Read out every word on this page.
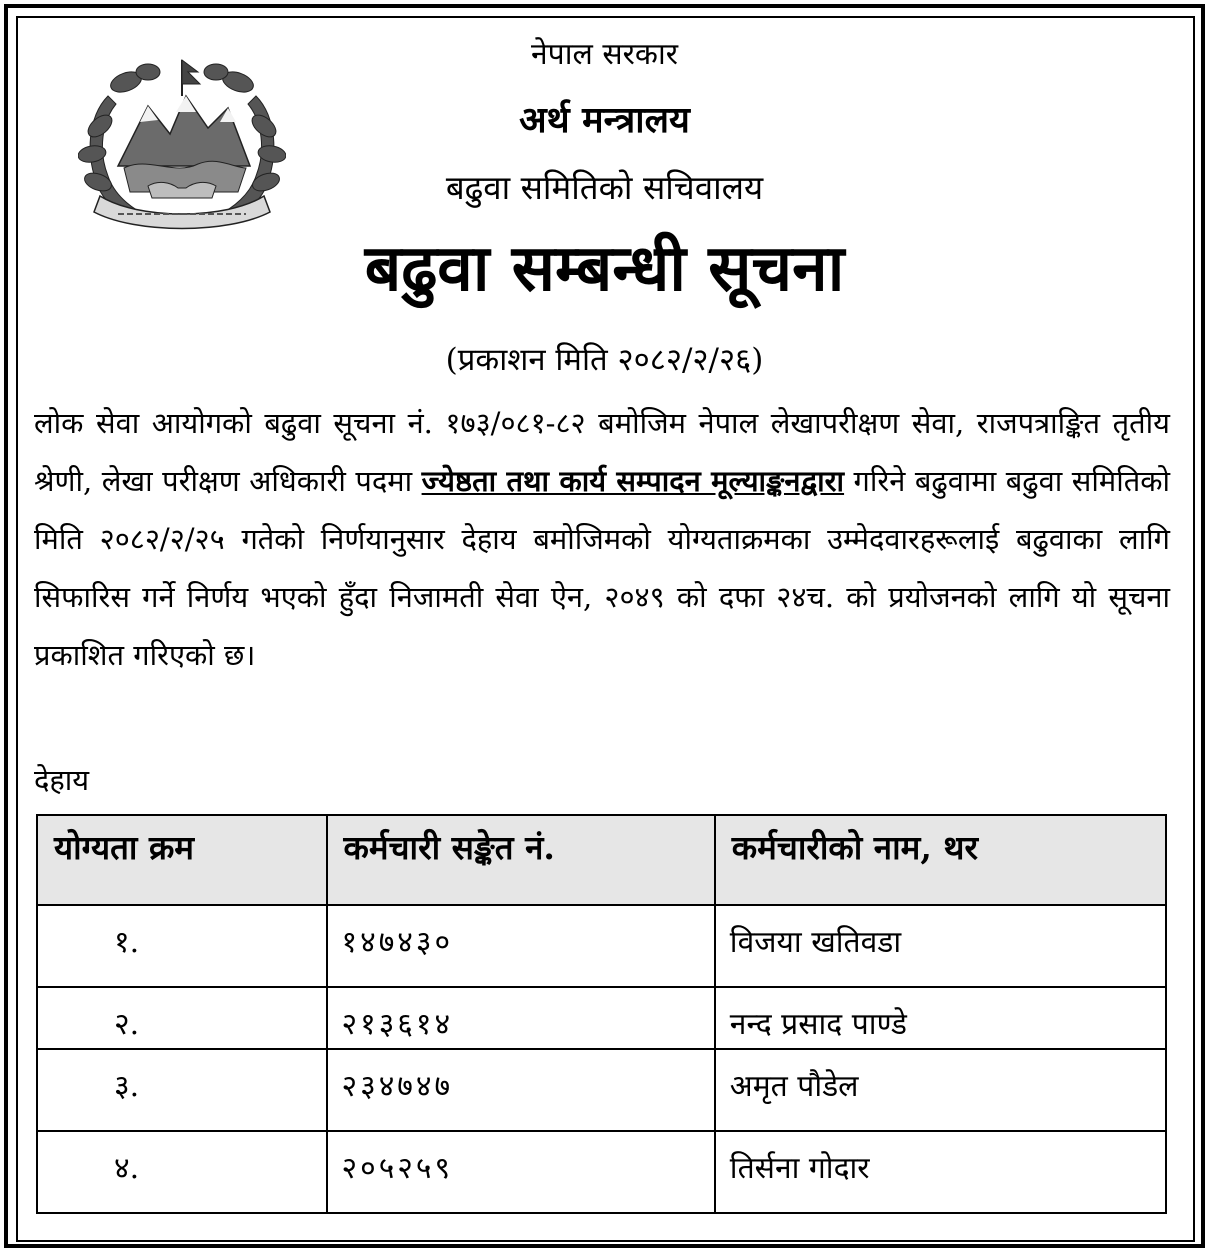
नेपाल सरकार
अर्थ मन्त्रालय
बढुवा समितिको सचिवालय
बढुवा सम्बन्धी सूचना
(प्रकाशन मिति २०८२/२/२६)
लोक सेवा आयोगको बढुवा सूचना नं. १७३/०८१-८२ बमोजिम नेपाल लेखापरीक्षण सेवा, राजपत्राङ्कित तृतीय श्रेणी, लेखा परीक्षण अधिकारी पदमा ज्येष्ठता तथा कार्य सम्पादन मूल्याङ्कनद्वारा गरिने बढुवामा बढुवा समितिको मिति २०८२/२/२५ गतेको निर्णयानुसार देहाय बमोजिमको योग्यताक्रमका उम्मेदवारहरूलाई बढुवाका लागि सिफारिस गर्ने निर्णय भएको हुँदा निजामती सेवा ऐन, २०४९ को दफा २४च. को प्रयोजनको लागि यो सूचना प्रकाशित गरिएको छ।
देहाय
योग्यता क्रम	कर्मचारी सङ्केत नं.	कर्मचारीको नाम, थर
१.	१४७४३०	विजया खतिवडा
२.	२१३६१४	नन्द प्रसाद पाण्डे
३.	२३४७४७	अमृत पौडेल
४.	२०५२५९	तिर्सना गोदार
